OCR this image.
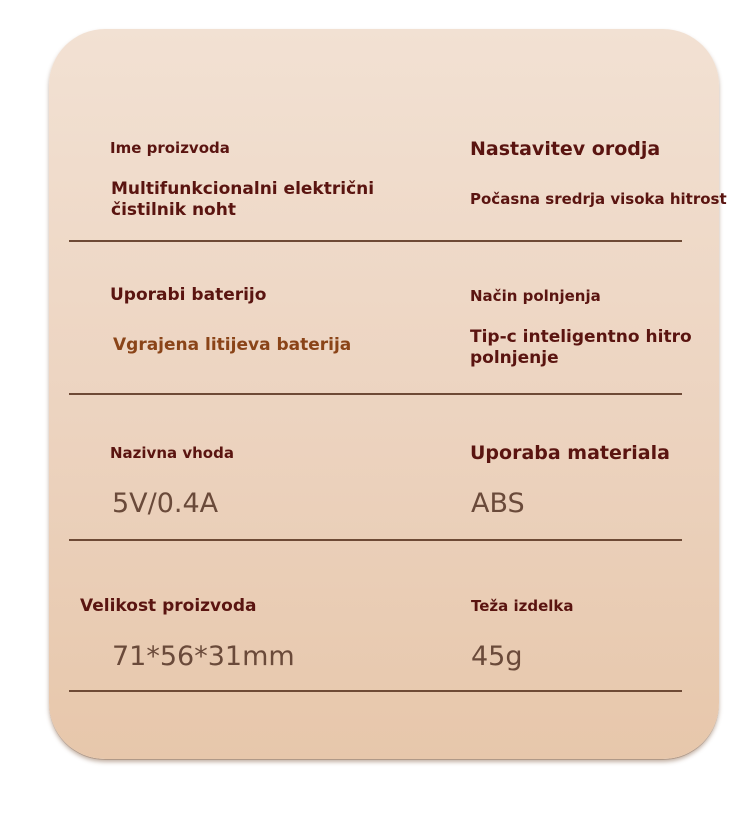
Ime proizvoda
Multifunkcionalni električni čistilnik noht
Nastavitev orodja
Počasna sredrja visoka hitrost
Uporabi baterijo
Vgrajena litijeva baterija
Način polnjenja
Tip-c inteligentno hitro polnjenje
Nazivna vhoda
5V/0.4A
Uporaba materiala
ABS
Velikost proizvoda
71*56*31mm
Teža izdelka
45g
